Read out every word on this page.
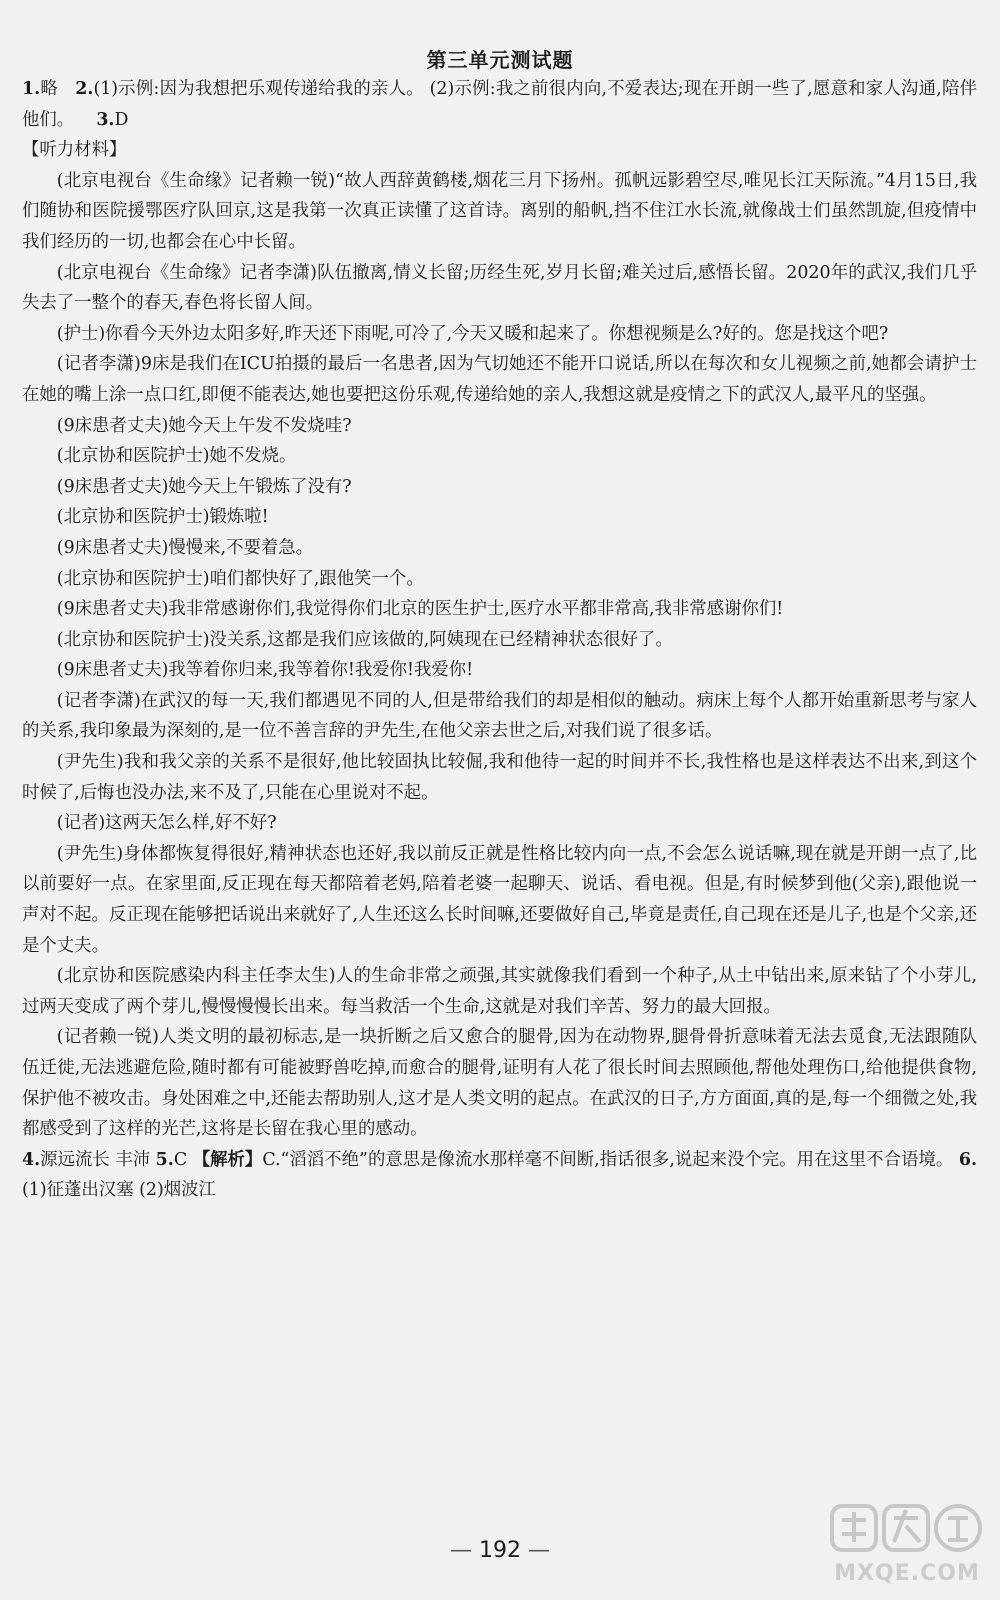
第三单元测试题

1.略 2.(1)示例:因为我想把乐观传递给我的亲人。 (2)示例:我之前很内向,不爱表达;现在开朗一些了,愿意和家人沟通,陪伴他们。 3.D

【听力材料】

(北京电视台《生命缘》记者赖一锐)“故人西辞黄鹤楼,烟花三月下扬州。孤帆远影碧空尽,唯见长江天际流。”4月15日,我们随协和医院援鄂医疗队回京,这是我第一次真正读懂了这首诗。离别的船帆,挡不住江水长流,就像战士们虽然凯旋,但疫情中我们经历的一切,也都会在心中长留。

(北京电视台《生命缘》记者李潇)队伍撤离,情义长留;历经生死,岁月长留;难关过后,感悟长留。2020年的武汉,我们几乎失去了一整个的春天,春色将长留人间。

(护士)你看今天外边太阳多好,昨天还下雨呢,可冷了,今天又暖和起来了。你想视频是么?好的。您是找这个吧?

(记者李潇)9床是我们在ICU拍摄的最后一名患者,因为气切她还不能开口说话,所以在每次和女儿视频之前,她都会请护士在她的嘴上涂一点口红,即便不能表达,她也要把这份乐观,传递给她的亲人,我想这就是疫情之下的武汉人,最平凡的坚强。

(9床患者丈夫)她今天上午发不发烧哇?

(北京协和医院护士)她不发烧。

(9床患者丈夫)她今天上午锻炼了没有?

(北京协和医院护士)锻炼啦!

(9床患者丈夫)慢慢来,不要着急。

(北京协和医院护士)咱们都快好了,跟他笑一个。

(9床患者丈夫)我非常感谢你们,我觉得你们北京的医生护士,医疗水平都非常高,我非常感谢你们!

(北京协和医院护士)没关系,这都是我们应该做的,阿姨现在已经精神状态很好了。

(9床患者丈夫)我等着你归来,我等着你!我爱你!我爱你!

(记者李潇)在武汉的每一天,我们都遇见不同的人,但是带给我们的却是相似的触动。病床上每个人都开始重新思考与家人的关系,我印象最为深刻的,是一位不善言辞的尹先生,在他父亲去世之后,对我们说了很多话。

(尹先生)我和我父亲的关系不是很好,他比较固执比较倔,我和他待一起的时间并不长,我性格也是这样表达不出来,到这个时候了,后悔也没办法,来不及了,只能在心里说对不起。

(记者)这两天怎么样,好不好?

(尹先生)身体都恢复得很好,精神状态也还好,我以前反正就是性格比较内向一点,不会怎么说话嘛,现在就是开朗一点了,比以前要好一点。在家里面,反正现在每天都陪着老妈,陪着老婆一起聊天、说话、看电视。但是,有时候梦到他(父亲),跟他说一声对不起。反正现在能够把话说出来就好了,人生还这么长时间嘛,还要做好自己,毕竟是责任,自己现在还是儿子,也是个父亲,还是个丈夫。

(北京协和医院感染内科主任李太生)人的生命非常之顽强,其实就像我们看到一个种子,从土中钻出来,原来钻了个小芽儿,过两天变成了两个芽儿,慢慢慢慢长出来。每当救活一个生命,这就是对我们辛苦、努力的最大回报。

(记者赖一锐)人类文明的最初标志,是一块折断之后又愈合的腿骨,因为在动物界,腿骨骨折意味着无法去觅食,无法跟随队伍迁徙,无法逃避危险,随时都有可能被野兽吃掉,而愈合的腿骨,证明有人花了很长时间去照顾他,帮他处理伤口,给他提供食物,保护他不被攻击。身处困难之中,还能去帮助别人,这才是人类文明的起点。在武汉的日子,方方面面,真的是,每一个细微之处,我都感受到了这样的光芒,这将是长留在我心里的感动。

4.源远流长 丰沛 5.C 【解析】C.“滔滔不绝”的意思是像流水那样毫不间断,指话很多,说起来没个完。用在这里不合语境。 6.(1)征蓬出汉塞 (2)烟波江

— 192 —
MXQE.COM
